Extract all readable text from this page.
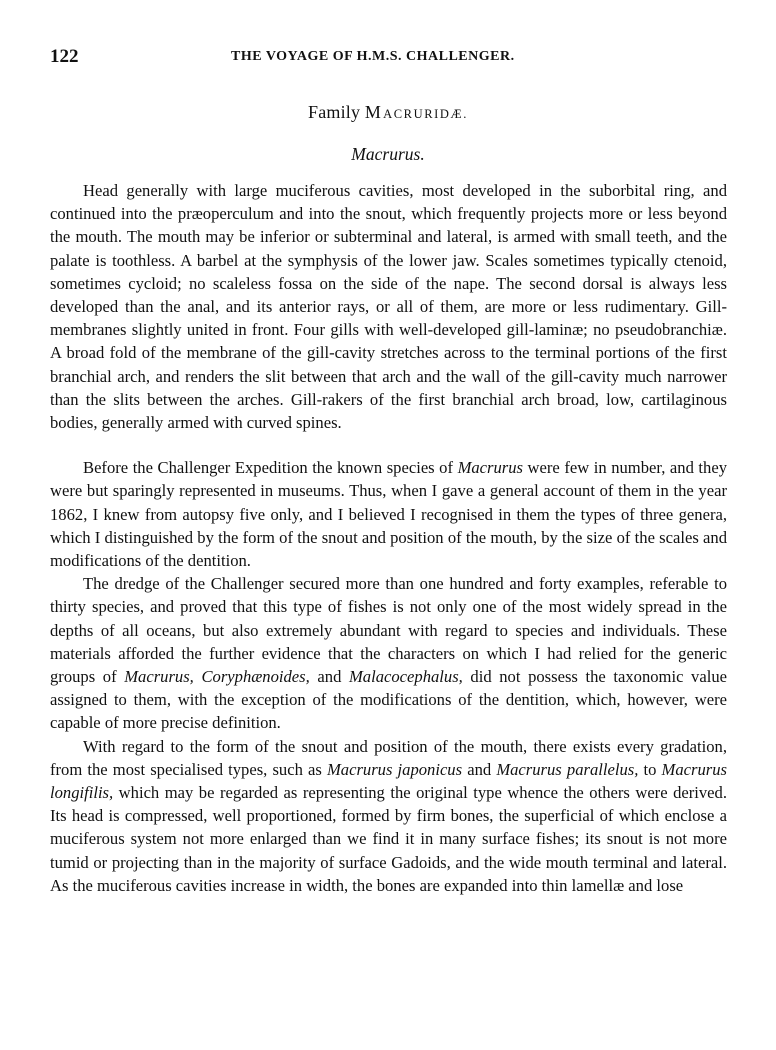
122	THE VOYAGE OF H.M.S. CHALLENGER.
Family M ACRURIDÆ.
Macrurus.

Head generally with large muciferous cavities, most developed in the suborbital ring, and continued into the præoperculum and into the snout, which frequently projects more or less beyond the mouth. The mouth may be inferior or subterminal and lateral, is armed with small teeth, and the palate is toothless. A barbel at the symphysis of the lower jaw. Scales sometimes typically ctenoid, sometimes cycloid; no scaleless fossa on the side of the nape. The second dorsal is always less developed than the anal, and its anterior rays, or all of them, are more or less rudimentary. Gill-membranes slightly united in front. Four gills with well-developed gill-laminæ; no pseudobranchiæ. A broad fold of the membrane of the gill-cavity stretches across to the terminal portions of the first branchial arch, and renders the slit between that arch and the wall of the gill-cavity much narrower than the slits between the arches. Gill-rakers of the first branchial arch broad, low, cartilaginous bodies, generally armed with curved spines.

Before the Challenger Expedition the known species of Macrurus were few in number, and they were but sparingly represented in museums. Thus, when I gave a general account of them in the year 1862, I knew from autopsy five only, and I believed I recognised in them the types of three genera, which I distinguished by the form of the snout and position of the mouth, by the size of the scales and modifications of the dentition.

The dredge of the Challenger secured more than one hundred and forty examples, referable to thirty species, and proved that this type of fishes is not only one of the most widely spread in the depths of all oceans, but also extremely abundant with regard to species and individuals. These materials afforded the further evidence that the characters on which I had relied for the generic groups of Macrurus, Coryphænoides, and Malacocephalus, did not possess the taxonomic value assigned to them, with the exception of the modifications of the dentition, which, however, were capable of more precise definition.

With regard to the form of the snout and position of the mouth, there exists every gradation, from the most specialised types, such as Macrurus japonicus and Macrurus parallelus, to Macrurus longifilis, which may be regarded as representing the original type whence the others were derived. Its head is compressed, well proportioned, formed by firm bones, the superficial of which enclose a muciferous system not more enlarged than we find it in many surface fishes; its snout is not more tumid or projecting than in the majority of surface Gadoids, and the wide mouth terminal and lateral. As the muciferous cavities increase in width, the bones are expanded into thin lamellæ and lose
